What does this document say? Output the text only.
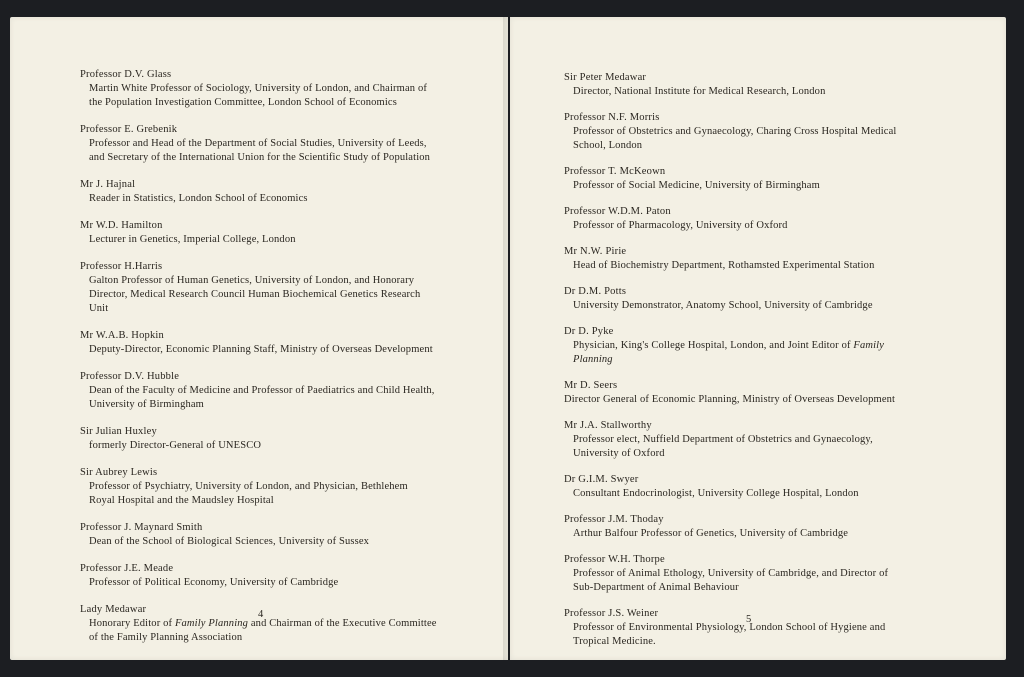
Professor D.V. Glass
Martin White Professor of Sociology, University of London, and Chairman of
the Population Investigation Committee, London School of Economics
Professor E. Grebenik
Professor and Head of the Department of Social Studies, University of Leeds,
and Secretary of the International Union for the Scientific Study of Population
Mr J. Hajnal
Reader in Statistics, London School of Economics
Mr W.D. Hamilton
Lecturer in Genetics, Imperial College, London
Professor H.Harris
Galton Professor of Human Genetics, University of London, and Honorary
Director, Medical Research Council Human Biochemical Genetics Research
Unit
Mr W.A.B. Hopkin
Deputy-Director, Economic Planning Staff, Ministry of Overseas Development
Professor D.V. Hubble
Dean of the Faculty of Medicine and Professor of Paediatrics and Child Health,
University of Birmingham
Sir Julian Huxley
formerly Director-General of UNESCO
Sir Aubrey Lewis
Professor of Psychiatry, University of London, and Physician, Bethlehem
Royal Hospital and the Maudsley Hospital
Professor J. Maynard Smith
Dean of the School of Biological Sciences, University of Sussex
Professor J.E. Meade
Professor of Political Economy, University of Cambridge
Lady Medawar
Honorary Editor of Family Planning and Chairman of the Executive Committee
of the Family Planning Association
4
Sir Peter Medawar
Director, National Institute for Medical Research, London
Professor N.F. Morris
Professor of Obstetrics and Gynaecology, Charing Cross Hospital Medical
School, London
Professor T. McKeown
Professor of Social Medicine, University of Birmingham
Professor W.D.M. Paton
Professor of Pharmacology, University of Oxford
Mr N.W. Pirie
Head of Biochemistry Department, Rothamsted Experimental Station
Dr D.M. Potts
University Demonstrator, Anatomy School, University of Cambridge
Dr D. Pyke
Physician, King's College Hospital, London, and Joint Editor of Family
Planning
Mr D. Seers
Director General of Economic Planning, Ministry of Overseas Development
Mr J.A. Stallworthy
Professor elect, Nuffield Department of Obstetrics and Gynaecology,
University of Oxford
Dr G.I.M. Swyer
Consultant Endocrinologist, University College Hospital, London
Professor J.M. Thoday
Arthur Balfour Professor of Genetics, University of Cambridge
Professor W.H. Thorpe
Professor of Animal Ethology, University of Cambridge, and Director of
Sub-Department of Animal Behaviour
Professor J.S. Weiner
Professor of Environmental Physiology, London School of Hygiene and
Tropical Medicine.
5
